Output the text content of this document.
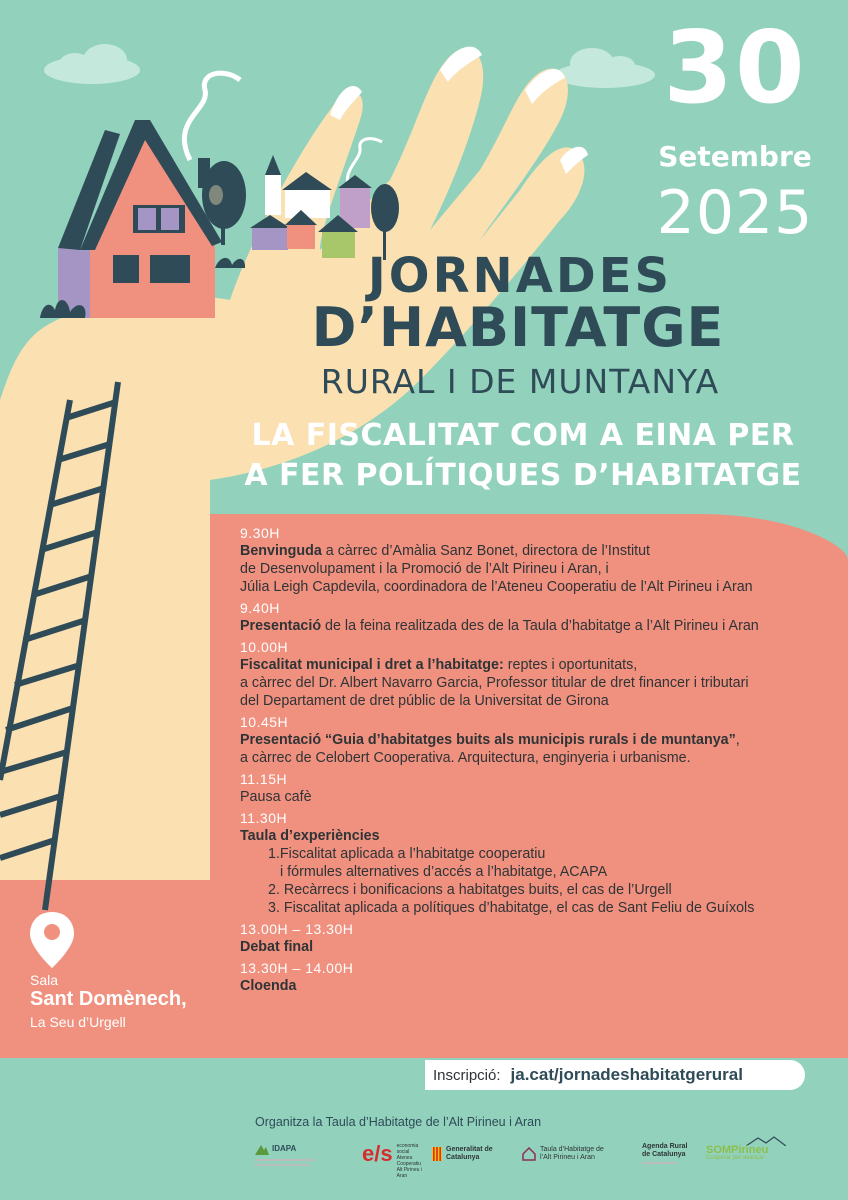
30
Setembre
2025
JORNADES
D’HABITATGE
RURAL I DE MUNTANYA
LA FISCALITAT COM A EINA PER
A FER POLÍTIQUES D’HABITATGE
9.30H
Benvinguda a càrrec d’Amàlia Sanz Bonet, directora de l’Institut
de Desenvolupament i la Promoció de l’Alt Pirineu i Aran, i
Júlia Leigh Capdevila, coordinadora de l’Ateneu Cooperatiu de l’Alt Pirineu i Aran
9.40H
Presentació de la feina realitzada des de la Taula d’habitatge a l’Alt Pirineu i Aran
10.00H
Fiscalitat municipal i dret a l’habitatge: reptes i oportunitats,
a càrrec del Dr. Albert Navarro Garcia, Professor titular de dret financer i tributari
del Departament de dret públic de la Universitat de Girona
10.45H
Presentació “Guia d’habitatges buits als municipis rurals i de muntanya”,
a càrrec de Celobert Cooperativa. Arquitectura, enginyeria i urbanisme.
11.15H
Pausa cafè
11.30H
Taula d’experiències
1.Fiscalitat aplicada a l’habitatge cooperatiu
i fórmules alternatives d’accés a l’habitatge, ACAPA
2. Recàrrecs i bonificacions a habitatges buits, el cas de l’Urgell
3. Fiscalitat aplicada a polítiques d’habitatge, el cas de Sant Feliu de Guíxols
13.00H – 13.30H
Debat final
13.30H – 14.00H
Cloenda
Sala
Sant Domènech,
La Seu d’Urgell
Inscripció: ja.cat/jornadeshabitatgerural
Organitza la Taula d’Habitatge de l’Alt Pirineu i Aran
IDAPA	e/s economia social Ateneu Cooperatiu Alt Pirineu i Aran
Generalitat de Catalunya
Taula d’Habitatge de l’Alt Pirineu i Aran
Agenda Rural de Catalunya	SOMPirineu
Cooperar per avançar
